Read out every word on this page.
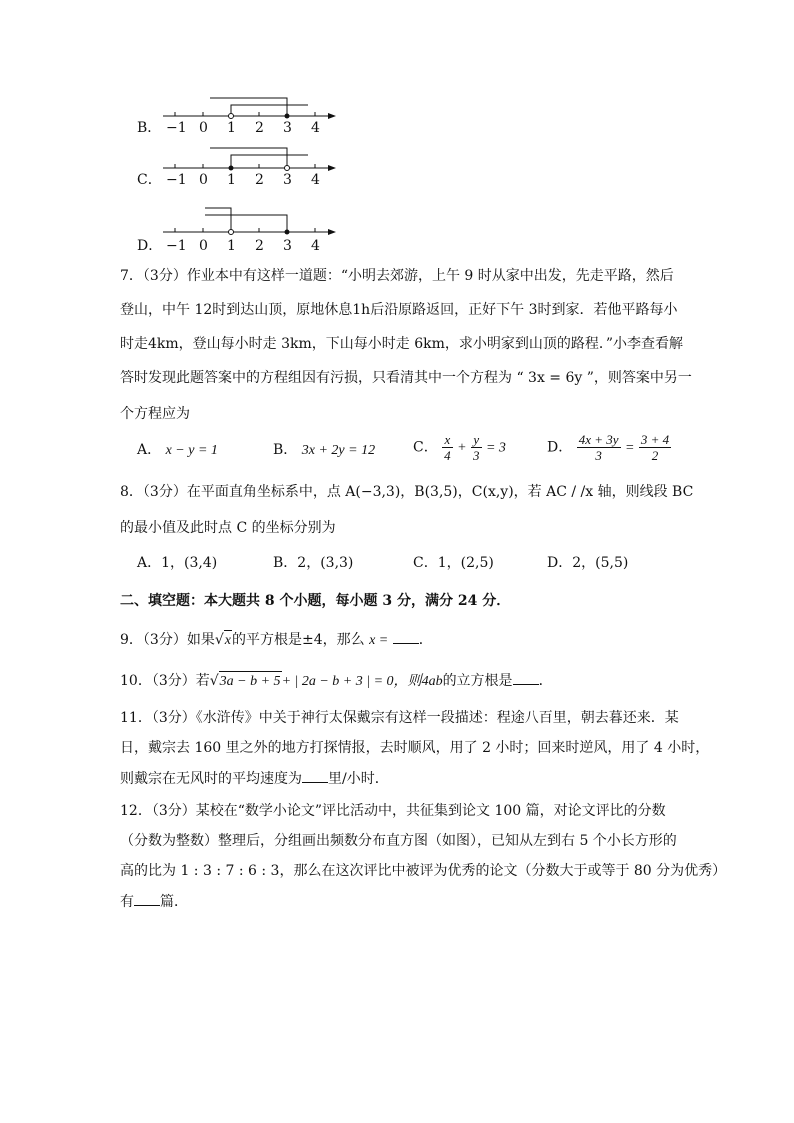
B． −1 0 1 2 3 4
C． −1 0 1 2 3 4
D． −1 0 1 2 3 4
7．（3分）作业本中有这样一道题：“小明去郊游，上午 9 时从家中出发，先走平路，然后
登山，中午 12时到达山顶，原地休息1h后沿原路返回，正好下午 3时到家．若他平路每小
时走4km，登山每小时走 3km，下山每小时走 6km，求小明家到山顶的路程．”小李查看解
答时发现此题答案中的方程组因有污损，只看清其中一个方程为 “ 3x = 6y ”，则答案中另一
个方程应为
A． x − y = 1	B． 3x + 2y = 12	C． $\frac{x}{4} + \frac{y}{3} = 3$	D． $\frac{4x + 3y}{3} = \frac{3 + 4}{2}$
8．（3分）在平面直角坐标系中，点 A(−3,3)，B(3,5)，C(x,y)，若 AC / /x 轴，则线段 BC
的最小值及此时点 C 的坐标分别为
A．1，(3,4)	B．2，(3,3)	C．1，(2,5)	D．2，(5,5)
二、填空题：本大题共 8 个小题，每小题 3 分，满分 24 分．
9．（3分）如果√x的平方根是±4，那么 x = ．
10．（3分）若√3a − b + 5+ | 2a − b + 3 | = 0，则4ab的立方根是 ．
11．（3分）《水浒传》中关于神行太保戴宗有这样一段描述：程途八百里，朝去暮还来．某
日，戴宗去 160 里之外的地方打探情报，去时顺风，用了 2 小时；回来时逆风，用了 4 小时，
则戴宗在无风时的平均速度为 里/小时．
12．（3分）某校在“数学小论文”评比活动中，共征集到论文 100 篇，对论文评比的分数
（分数为整数）整理后，分组画出频数分布直方图（如图），已知从左到右 5 个小长方形的
高的比为 1 : 3 : 7 : 6 : 3，那么在这次评比中被评为优秀的论文（分数大于或等于 80 分为优秀）
有 篇．
